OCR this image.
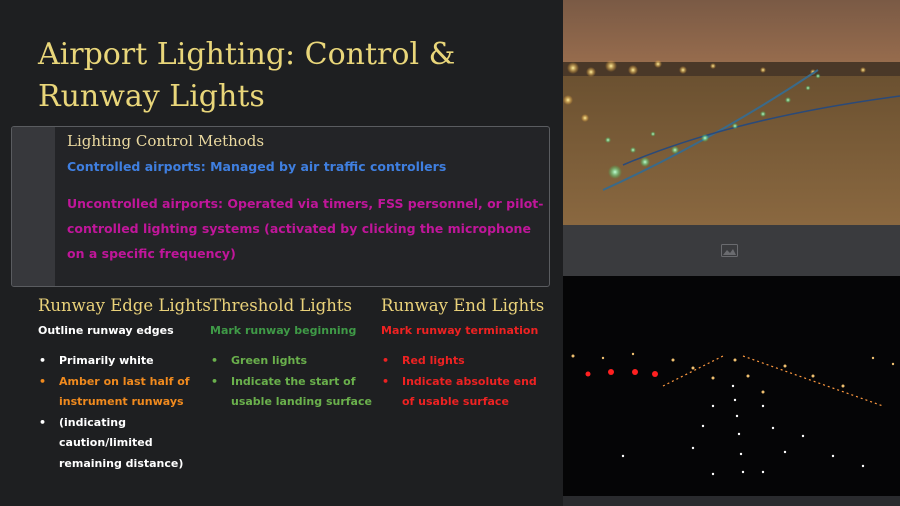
Airport Lighting: Control & Runway Lights
Lighting Control Methods
Controlled airports: Managed by air traffic controllers
Uncontrolled airports: Operated via timers, FSS personnel, or pilot-controlled lighting systems (activated by clicking the microphone on a specific frequency)
Runway Edge Lights
Outline runway edges
• Primarily white
• Amber on last half of instrument runways
• (indicating caution/limited remaining distance)
Threshold Lights
Mark runway beginning
• Green lights
• Indicate the start of usable landing surface
Runway End Lights
Mark runway termination
• Red lights
• Indicate absolute end of usable surface
